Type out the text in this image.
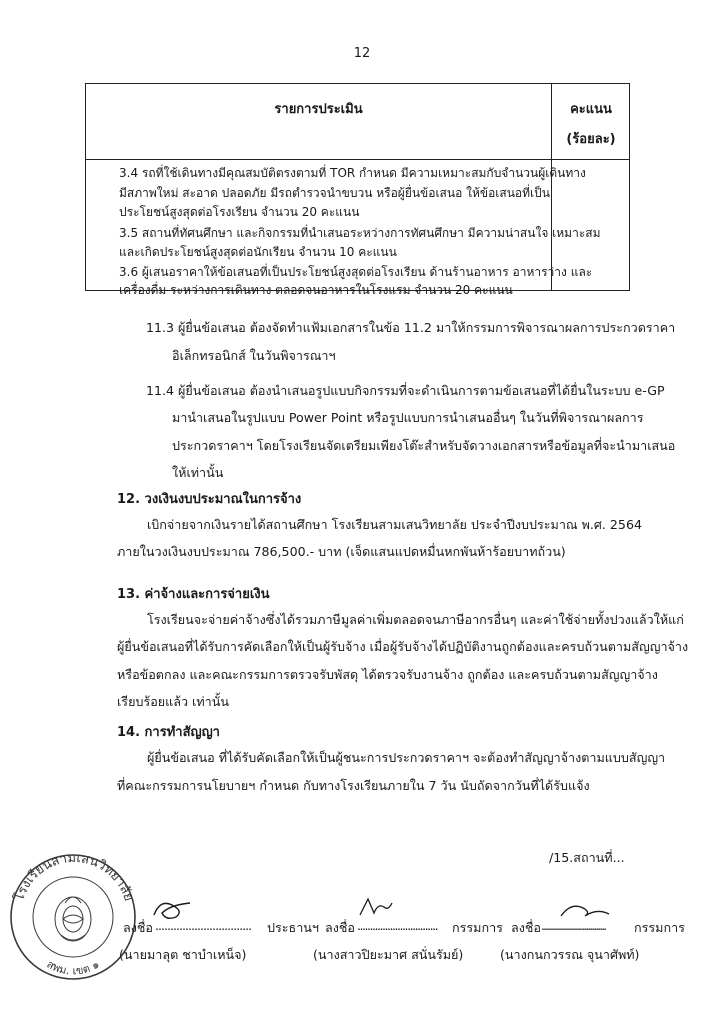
12
รายการประเมิน	คะแนน
(ร้อยละ)
3.4 รถที่ใช้เดินทางมีคุณสมบัติตรงตามที่ TOR กำหนด มีความเหมาะสมกับจำนวนผู้เดินทาง
มีสภาพใหม่ สะอาด ปลอดภัย มีรถตำรวจนำขบวน หรือผู้ยื่นข้อเสนอ ให้ข้อเสนอที่เป็น
ประโยชน์สูงสุดต่อโรงเรียน จำนวน 20 คะแนน
3.5 สถานที่ทัศนศึกษา และกิจกรรมที่นำเสนอระหว่างการทัศนศึกษา มีความน่าสนใจ เหมาะสม
และเกิดประโยชน์สูงสุดต่อนักเรียน จำนวน 10 คะแนน
3.6 ผู้เสนอราคาให้ข้อเสนอที่เป็นประโยชน์สูงสุดต่อโรงเรียน ด้านร้านอาหาร อาหารว่าง และ
เครื่องดื่ม ระหว่างการเดินทาง ตลอดจนอาหารในโรงแรม จำนวน 20 คะแนน
11.3 ผู้ยื่นข้อเสนอ ต้องจัดทำแฟ้มเอกสารในข้อ 11.2 มาให้กรรมการพิจารณาผลการประกวดราคา
อิเล็กทรอนิกส์ ในวันพิจารณาฯ
11.4 ผู้ยื่นข้อเสนอ ต้องนำเสนอรูปแบบกิจกรรมที่จะดำเนินการตามข้อเสนอที่ได้ยื่นในระบบ e-GP
มานำเสนอในรูปแบบ Power Point หรือรูปแบบการนำเสนออื่นๆ ในวันที่พิจารณาผลการ
ประกวดราคาฯ โดยโรงเรียนจัดเตรียมเพียงโต๊ะสำหรับจัดวางเอกสารหรือข้อมูลที่จะนำมาเสนอ
ให้เท่านั้น
12. วงเงินงบประมาณในการจ้าง
เบิกจ่ายจากเงินรายได้สถานศึกษา โรงเรียนสามเสนวิทยาลัย ประจำปีงบประมาณ พ.ศ. 2564
ภายในวงเงินงบประมาณ 786,500.- บาท (เจ็ดแสนแปดหมื่นหกพันห้าร้อยบาทถ้วน)
13. ค่าจ้างและการจ่ายเงิน
โรงเรียนจะจ่ายค่าจ้างซึ่งได้รวมภาษีมูลค่าเพิ่มตลอดจนภาษีอากรอื่นๆ และค่าใช้จ่ายทั้งปวงแล้วให้แก่
ผู้ยื่นข้อเสนอที่ได้รับการคัดเลือกให้เป็นผู้รับจ้าง เมื่อผู้รับจ้างได้ปฏิบัติงานถูกต้องและครบถ้วนตามสัญญาจ้าง
หรือข้อตกลง และคณะกรรมการตรวจรับพัสดุ ได้ตรวจรับงานจ้าง ถูกต้อง และครบถ้วนตามสัญญาจ้าง
เรียบร้อยแล้ว เท่านั้น
14. การทำสัญญา
ผู้ยื่นข้อเสนอ ที่ได้รับคัดเลือกให้เป็นผู้ชนะการประกวดราคาฯ จะต้องทำสัญญาจ้างตามแบบสัญญา
ที่คณะกรรมการนโยบายฯ กำหนด กับทางโรงเรียนภายใน 7 วัน นับถัดจากวันที่ได้รับแจ้ง
/15.สถานที่...
โรงเรียนสามเสนวิทยาลัย
สพม. เขต ๑
ลงชื่อ ................................ ประธานฯ
(นายมาลุต ชาบำเหน็จ)
ลงชื่อ ................................ กรรมการ
(นางสาวปิยะมาศ สนั่นรัมย์)
ลงชื่อ ................................ กรรมการ
(นางกนกวรรณ จุนาศัพท์)
